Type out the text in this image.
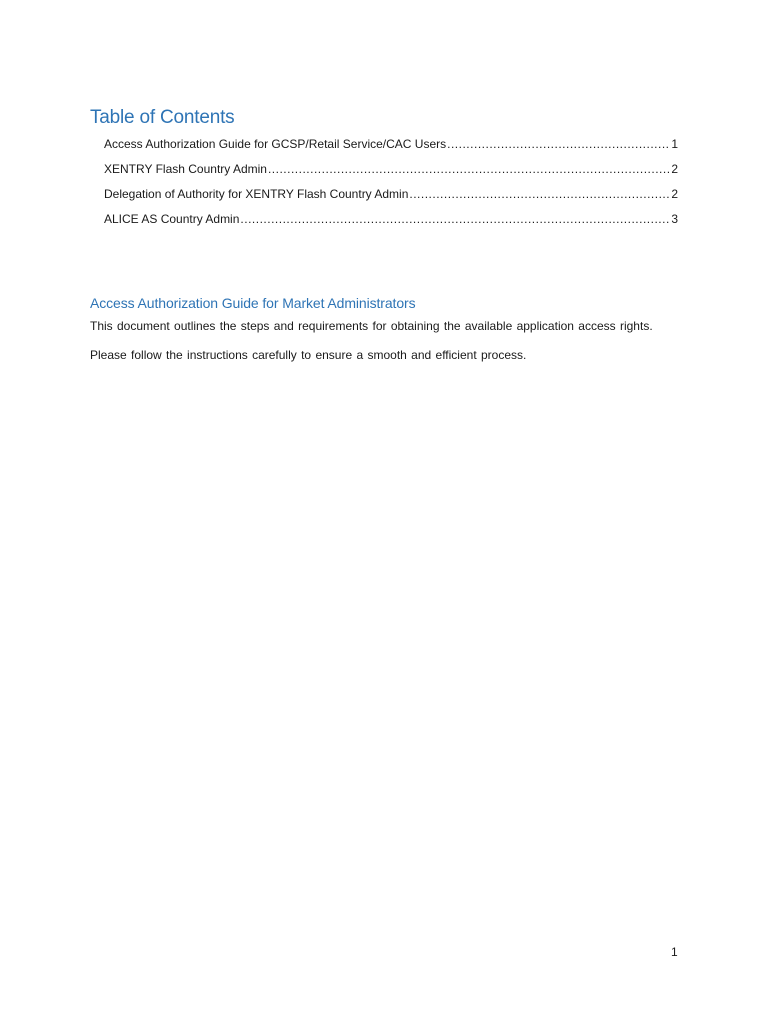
Table of Contents
Access Authorization Guide for GCSP/Retail Service/CAC Users .....	1
XENTRY Flash Country Admin .....	2
Delegation of Authority for XENTRY Flash Country Admin .....	2
ALICE AS Country Admin .....	3
Access Authorization Guide for Market Administrators

This document outlines the steps and requirements for obtaining the available application access rights.

Please follow the instructions carefully to ensure a smooth and efficient process.

1
